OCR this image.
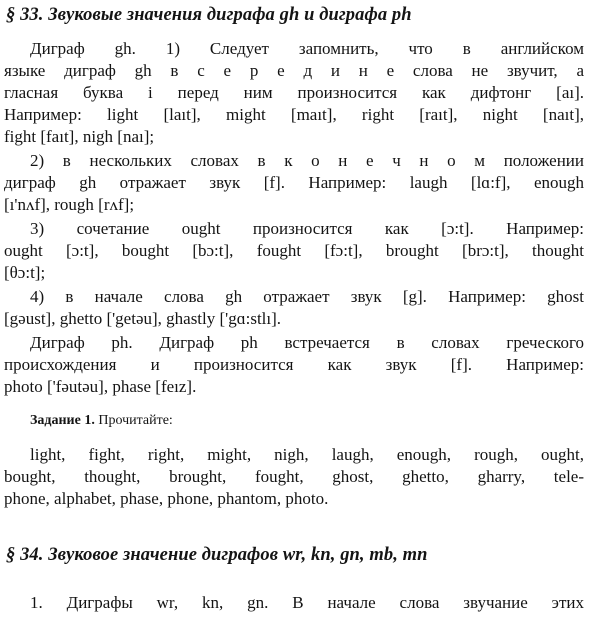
§ 33. Звуковые значения диграфа gh и диграфа ph
Диграф gh. 1) Следует запомнить, что в английском
языке диграф gh в с е р е д и н е слова не звучит, а
гласная буква i перед ним произносится как дифтонг [aı].
Например: light [laıt], might [maıt], right [raıt], night [naıt],
fight [faıt], nigh [naı];
2) в нескольких словах в к о н е ч н о м положении
диграф gh отражает звук [f]. Например: laugh [lɑ:f], enough
[ı'nʌf], rough [rʌf];
3) сочетание ought произносится как [ɔ:t]. Например:
ought [ɔ:t], bought [bɔ:t], fought [fɔ:t], brought [brɔ:t], thought
[θɔ:t];
4) в начале слова gh отражает звук [g]. Например: ghost
[gəust], ghetto ['getəu], ghastly ['gɑ:stlı].
Диграф ph. Диграф ph встречается в словах греческого
происхождения и произносится как звук [f]. Например:
photo ['fəutəu], phase [feız].
Задание 1. Прочитайте:
light, fight, right, might, nigh, laugh, enough, rough, ought,
bought, thought, brought, fought, ghost, ghetto, gharry, tele-
phone, alphabet, phase, phone, phantom, photo.
§ 34. Звуковое значение диграфов wr, kn, gn, mb, mn
1. Диграфы wr, kn, gn. В начале слова звучание этих
